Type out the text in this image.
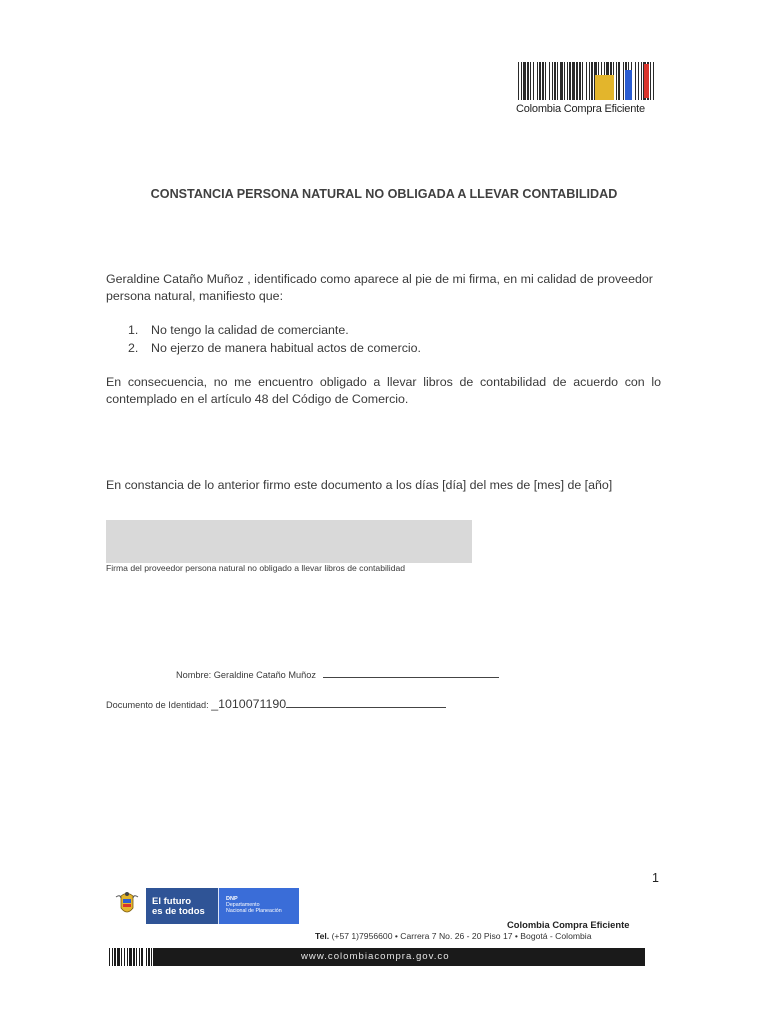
Colombia Compra Eficiente
CONSTANCIA PERSONA NATURAL NO OBLIGADA A LLEVAR CONTABILIDAD
Geraldine Cataño Muñoz , identificado como aparece al pie de mi firma, en mi calidad de proveedor persona natural, manifiesto que:
1. No tengo la calidad de comerciante.
2. No ejerzo de manera habitual actos de comercio.
En consecuencia, no me encuentro obligado a llevar libros de contabilidad de acuerdo con lo contemplado en el artículo 48 del Código de Comercio.
En constancia de lo anterior firmo este documento a los días [día] del mes de [mes] de [año]
Firma del proveedor persona natural no obligado a llevar libros de contabilidad
Nombre: Geraldine Cataño Muñoz
Documento de Identidad: _1010071190
1
El futuro
es de todos
DNP
Departamento
Nacional de Planeación
Colombia Compra Eficiente
Tel. (+57 1)7956600 • Carrera 7 No. 26 - 20 Piso 17 • Bogotá - Colombia
www.colombiacompra.gov.co
